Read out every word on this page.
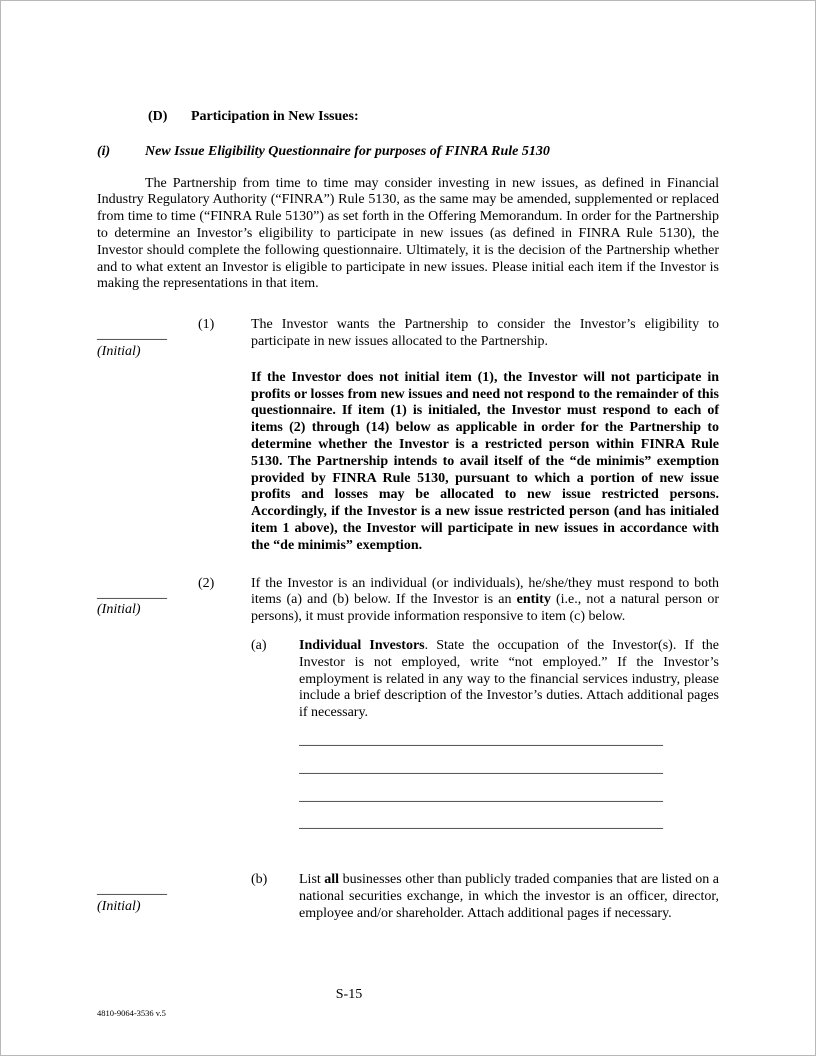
(D) Participation in New Issues:

(i) New Issue Eligibility Questionnaire for purposes of FINRA Rule 5130

The Partnership from time to time may consider investing in new issues, as defined in Financial Industry Regulatory Authority (“FINRA”) Rule 5130, as the same may be amended, supplemented or replaced from time to time (“FINRA Rule 5130”) as set forth in the Offering Memorandum. In order for the Partnership to determine an Investor’s eligibility to participate in new issues (as defined in FINRA Rule 5130), the Investor should complete the following questionnaire. Ultimately, it is the decision of the Partnership whether and to what extent an Investor is eligible to participate in new issues. Please initial each item if the Investor is making the representations in that item.

__________
(Initial)
(1)	The Investor wants the Partnership to consider the Investor’s eligibility to participate in new issues allocated to the Partnership.

If the Investor does not initial item (1), the Investor will not participate in profits or losses from new issues and need not respond to the remainder of this questionnaire. If item (1) is initialed, the Investor must respond to each of items (2) through (14) below as applicable in order for the Partnership to determine whether the Investor is a restricted person within FINRA Rule 5130. The Partnership intends to avail itself of the “de minimis” exemption provided by FINRA Rule 5130, pursuant to which a portion of new issue profits and losses may be allocated to new issue restricted persons. Accordingly, if the Investor is a new issue restricted person (and has initialed item 1 above), the Investor will participate in new issues in accordance with the “de minimis” exemption.

__________
(Initial)
(2)	If the Investor is an individual (or individuals), he/she/they must respond to both items (a) and (b) below. If the Investor is an entity (i.e., not a natural person or persons), it must provide information responsive to item (c) below.

(a)	Individual Investors. State the occupation of the Investor(s). If the Investor is not employed, write “not employed.” If the Investor’s employment is related in any way to the financial services industry, please include a brief description of the Investor’s duties. Attach additional pages if necessary.

____________________________________________________
____________________________________________________
____________________________________________________
____________________________________________________
__________
(Initial)
(b)	List all businesses other than publicly traded companies that are listed on a national securities exchange, in which the investor is an officer, director, employee and/or shareholder. Attach additional pages if necessary.

S-15
4810-9064-3536 v.5
